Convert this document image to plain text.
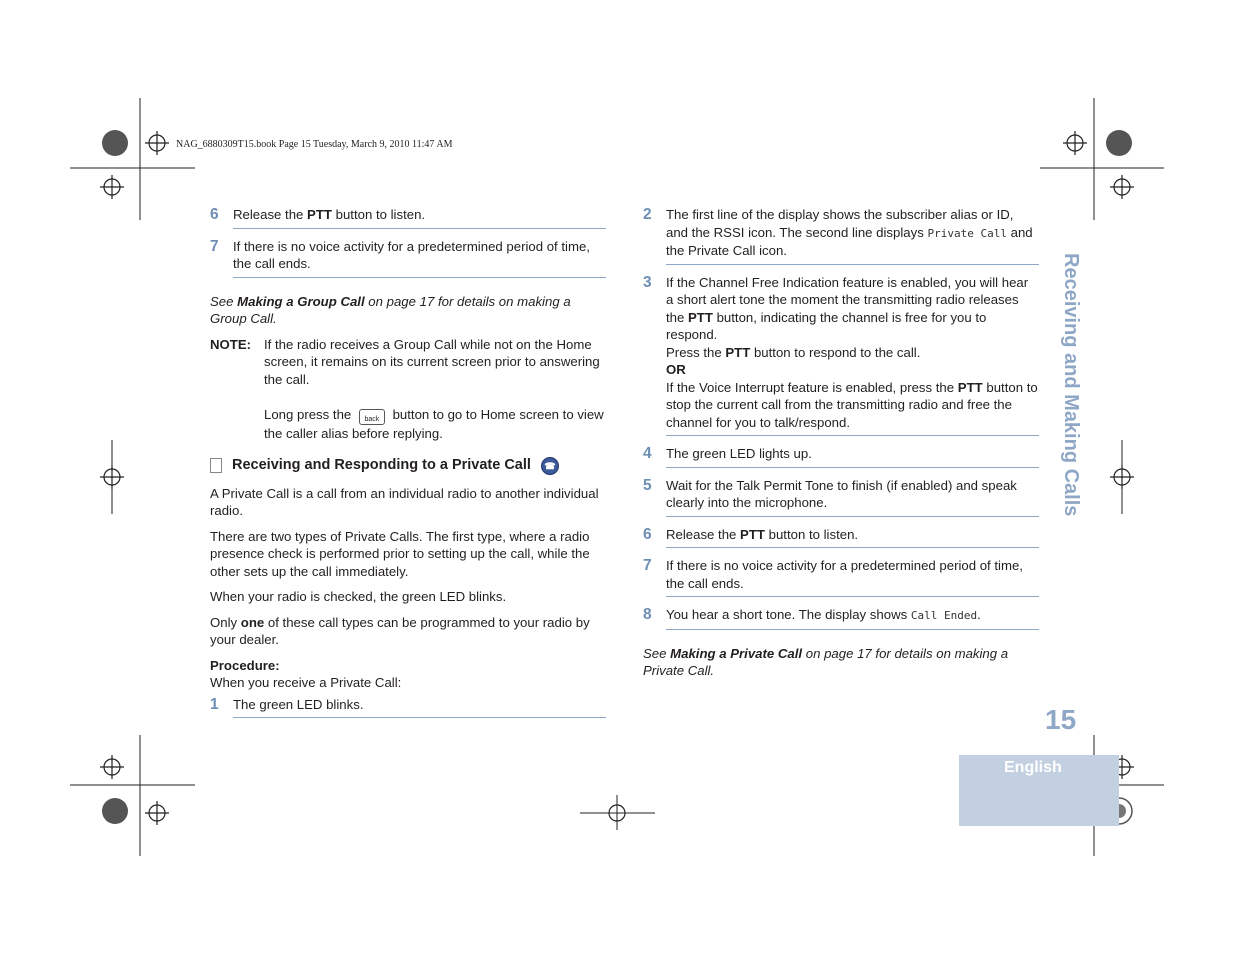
NAG_6880309T15.book Page 15 Tuesday, March 9, 2010 11:47 AM
6	Release the PTT button to listen.
7	If there is no voice activity for a predetermined period of time, the call ends.

See Making a Group Call on page 17 for details on making a Group Call.

NOTE: If the radio receives a Group Call while not on the Home screen, it remains on its current screen prior to answering the call.

Long press the back button to go to Home screen to view the caller alias before replying.

Receiving and Responding to a Private Call	☎

A Private Call is a call from an individual radio to another individual radio.

There are two types of Private Calls. The first type, where a radio presence check is performed prior to setting up the call, while the other sets up the call immediately.

When your radio is checked, the green LED blinks.

Only one of these call types can be programmed to your radio by your dealer.

Procedure:
When you receive a Private Call:
1	The green LED blinks.
2	The first line of the display shows the subscriber alias or ID, and the RSSI icon. The second line displays Private Call and the Private Call icon.
3	If the Channel Free Indication feature is enabled, you will hear a short alert tone the moment the transmitting radio releases the PTT button, indicating the channel is free for you to respond.
Press the PTT button to respond to the call.
OR
If the Voice Interrupt feature is enabled, press the PTT button to stop the current call from the transmitting radio and free the channel for you to talk/respond.
4	The green LED lights up.
5	Wait for the Talk Permit Tone to finish (if enabled) and speak clearly into the microphone.
6	Release the PTT button to listen.
7	If there is no voice activity for a predetermined period of time, the call ends.
8	You hear a short tone. The display shows Call Ended.

See Making a Private Call on page 17 for details on making a Private Call.

Receiving and Making Calls
15
English
